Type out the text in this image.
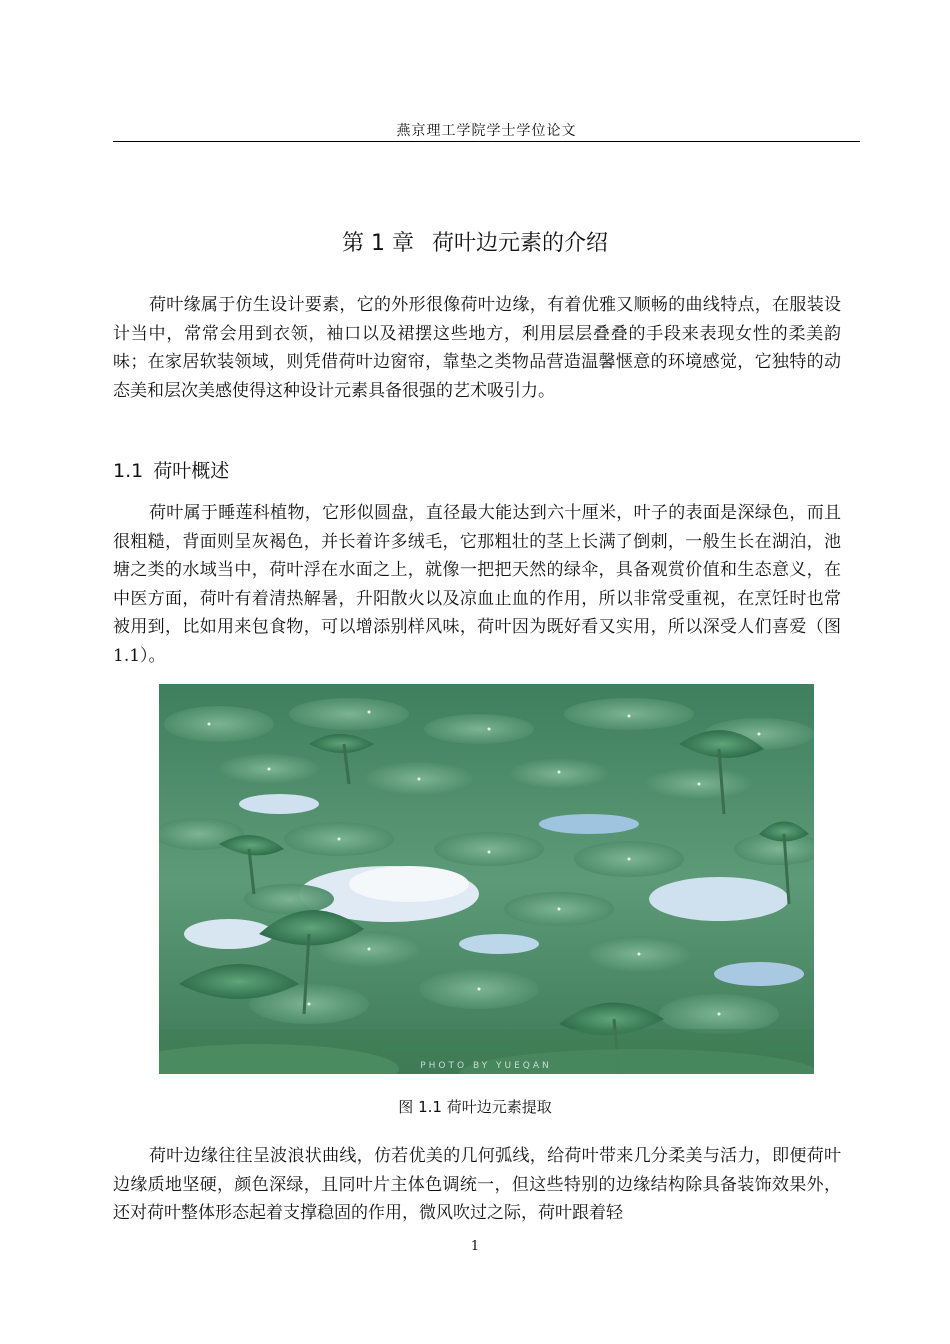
燕京理工学院学士学位论文
第 1 章 荷叶边元素的介绍
荷叶缘属于仿生设计要素，它的外形很像荷叶边缘，有着优雅又顺畅的曲线特点，在服装设计当中，常常会用到衣领，袖口以及裙摆这些地方，利用层层叠叠的手段来表现女性的柔美韵味；在家居软装领域，则凭借荷叶边窗帘，靠垫之类物品营造温馨惬意的环境感觉，它独特的动态美和层次美感使得这种设计元素具备很强的艺术吸引力。
1.1 荷叶概述
荷叶属于睡莲科植物，它形似圆盘，直径最大能达到六十厘米，叶子的表面是深绿色，而且很粗糙，背面则呈灰褐色，并长着许多绒毛，它那粗壮的茎上长满了倒刺，一般生长在湖泊，池塘之类的水域当中，荷叶浮在水面之上，就像一把把天然的绿伞，具备观赏价值和生态意义，在中医方面，荷叶有着清热解暑，升阳散火以及凉血止血的作用，所以非常受重视，在烹饪时也常被用到，比如用来包食物，可以增添别样风味，荷叶因为既好看又实用，所以深受人们喜爱（图 1.1）。
PHOTO BY YUEQAN
图 1.1 荷叶边元素提取
荷叶边缘往往呈波浪状曲线，仿若优美的几何弧线，给荷叶带来几分柔美与活力，即便荷叶边缘质地坚硬，颜色深绿，且同叶片主体色调统一，但这些特别的边缘结构除具备装饰效果外，还对荷叶整体形态起着支撑稳固的作用，微风吹过之际，荷叶跟着轻
1
